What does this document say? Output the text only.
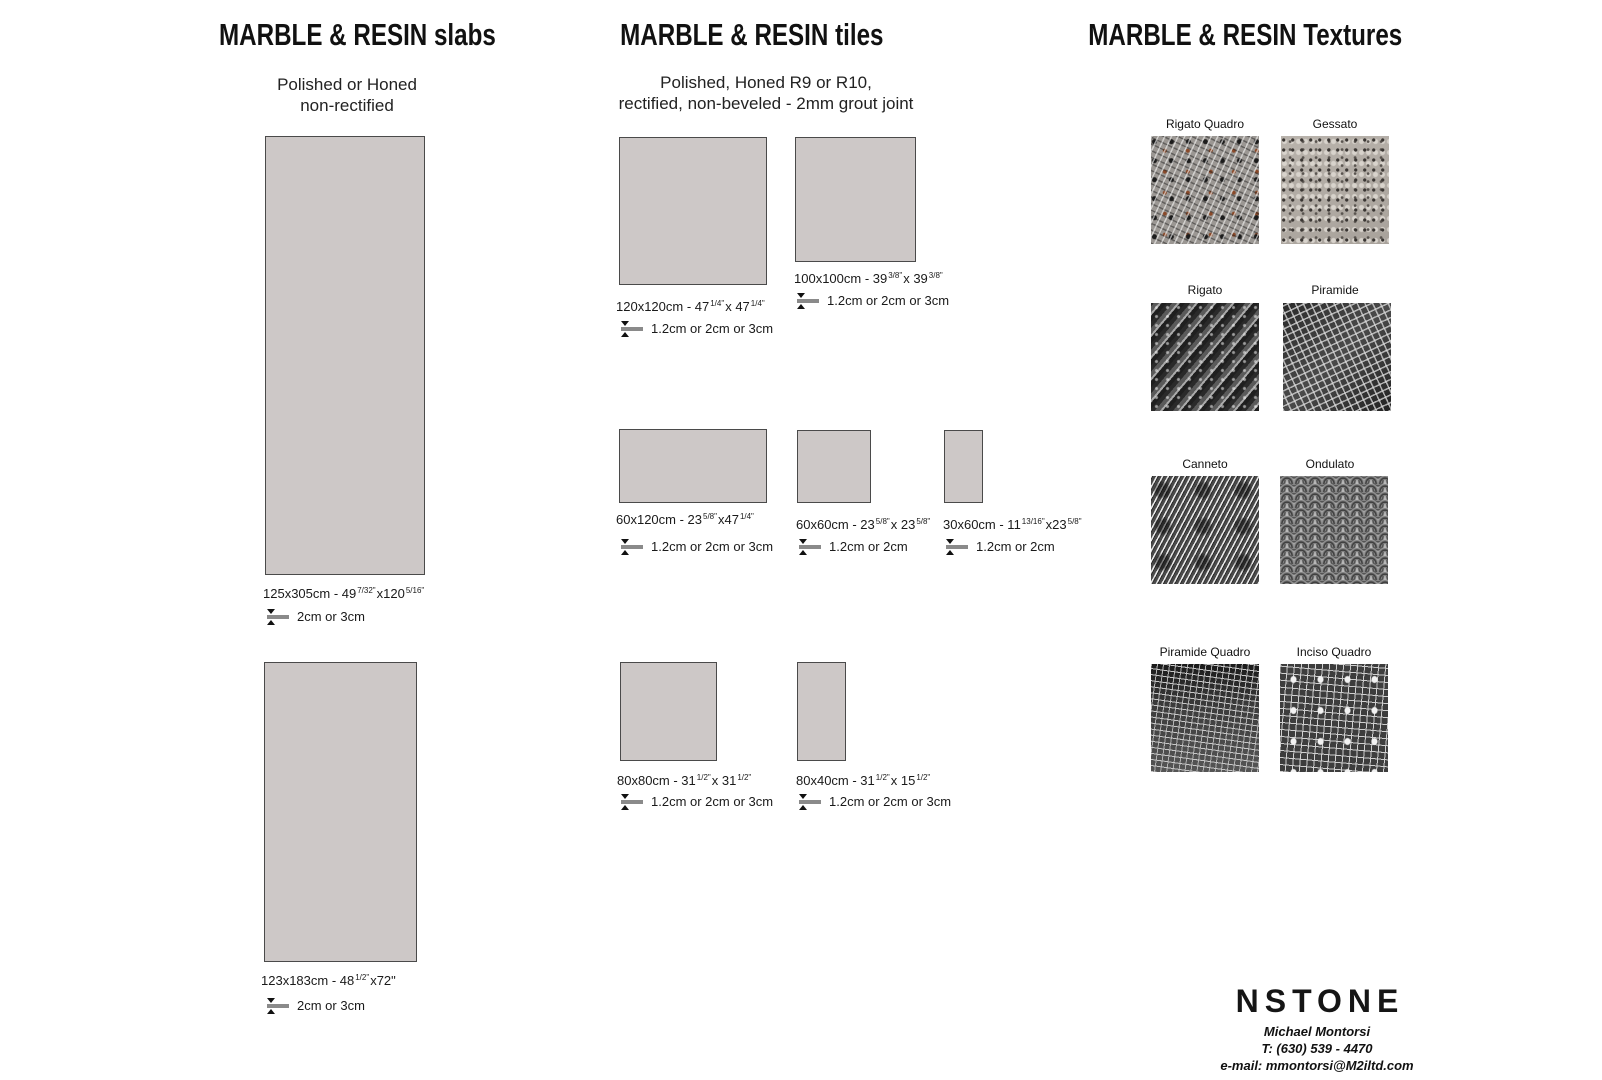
MARBLE & RESIN slabs
Polished or Honed
non-rectified
$125x305cm - 49^{7/32"}x120^{5/16"}$
2cm or 3cm
$123x183cm - 48^{1/2"}x72$"
2cm or 3cm
MARBLE & RESIN tiles
Polished, Honed R9 or R10,
rectified, non-beveled - 2mm grout joint
$120x120cm - 47^{1/4"}x$ $47^{1/4"}$
1.2cm or 2cm or 3cm
$100x100cm - 39^{3/8"}x$ $39^{3/8"}$
1.2cm or 2cm or 3cm
$60x120cm - 23^{5/8"}x47^{1/4"}$
1.2cm or 2cm or 3cm
$60x60cm - 23^{5/8"}x$ $23^{5/8"}$
1.2cm or 2cm
$30x60cm - 11^{13/16"}x23^{5/8"}$
1.2cm or 2cm
$80x80cm - 31^{1/2"}x$ $31^{1/2"}$
1.2cm or 2cm or 3cm
$80x40cm - 31^{1/2"}x$ $15^{1/2"}$
1.2cm or 2cm or 3cm
MARBLE & RESIN Textures
Rigato Quadro	Gessato
Rigato	Piramide
Canneto	Ondulato
Piramide Quadro	Inciso Quadro
NSTONE
Michael Montorsi
T: (630) 539 - 4470
e-mail: mmontorsi@M2iltd.com
